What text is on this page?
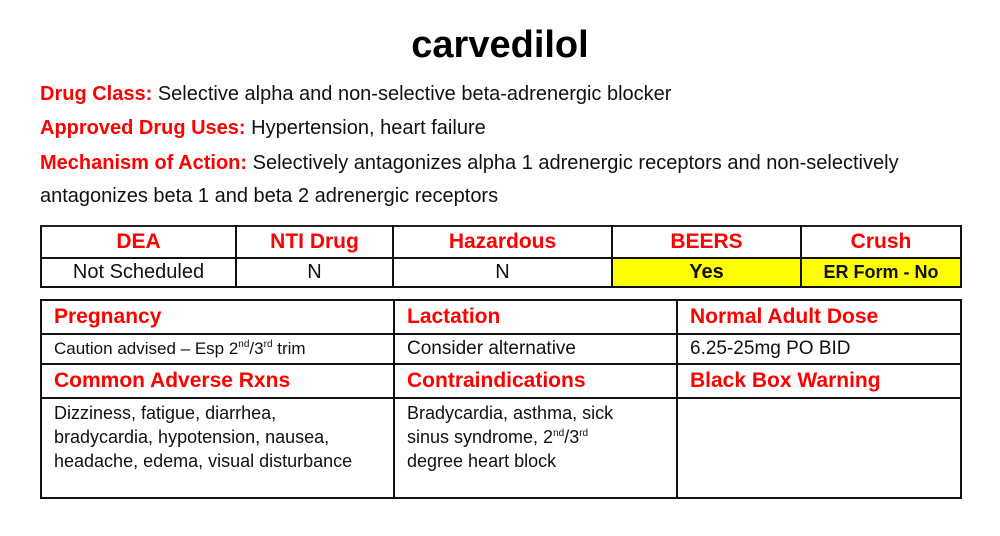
carvedilol
Drug Class: Selective alpha and non-selective beta-adrenergic blocker
Approved Drug Uses: Hypertension, heart failure
Mechanism of Action: Selectively antagonizes alpha 1 adrenergic receptors and non-selectively antagonizes beta 1 and beta 2 adrenergic receptors
DEA	NTI Drug	Hazardous	BEERS	Crush
Not Scheduled	N	N	Yes	ER Form - No
Pregnancy	Lactation	Normal Adult Dose
Caution advised – Esp 2nd/3rd trim	Consider alternative	6.25-25mg PO BID
Common Adverse Rxns	Contraindications	Black Box Warning
Dizziness, fatigue, diarrhea, bradycardia, hypotension, nausea, headache, edema, visual disturbance	Bradycardia, asthma, sick sinus syndrome, 2nd/3rd degree heart block	
